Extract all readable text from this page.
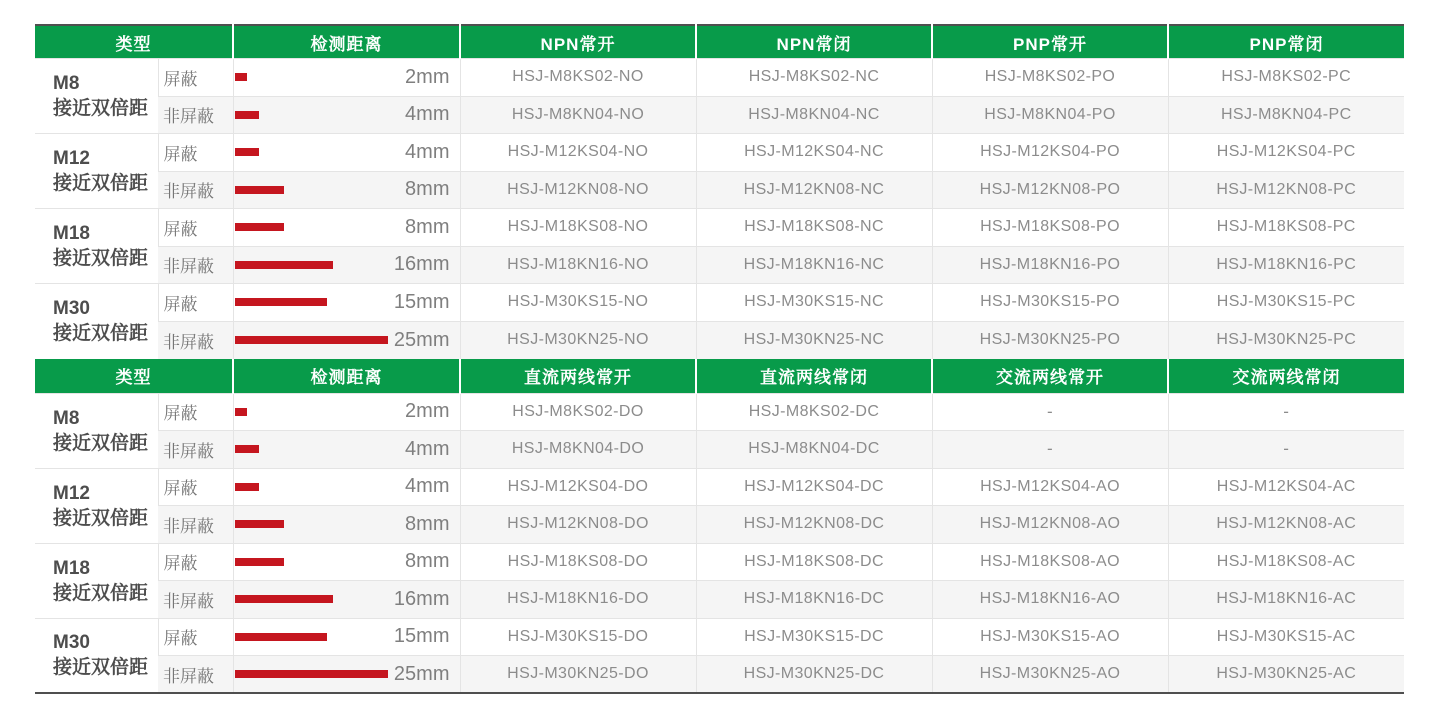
类型		检测距离	NPN常开	NPN常闭	PNP常开	PNP常闭

M8
接近双倍距	屏蔽	2mm	HSJ-M8KS02-NO	HSJ-M8KS02-NC	HSJ-M8KS02-PO	HSJ-M8KS02-PC
	非屏蔽	4mm	HSJ-M8KN04-NO	HSJ-M8KN04-NC	HSJ-M8KN04-PO	HSJ-M8KN04-PC

M12
接近双倍距	屏蔽	4mm	HSJ-M12KS04-NO	HSJ-M12KS04-NC	HSJ-M12KS04-PO	HSJ-M12KS04-PC
	非屏蔽	8mm	HSJ-M12KN08-NO	HSJ-M12KN08-NC	HSJ-M12KN08-PO	HSJ-M12KN08-PC

M18
接近双倍距	屏蔽	8mm	HSJ-M18KS08-NO	HSJ-M18KS08-NC	HSJ-M18KS08-PO	HSJ-M18KS08-PC
	非屏蔽	16mm	HSJ-M18KN16-NO	HSJ-M18KN16-NC	HSJ-M18KN16-PO	HSJ-M18KN16-PC

M30
接近双倍距	屏蔽	15mm	HSJ-M30KS15-NO	HSJ-M30KS15-NC	HSJ-M30KS15-PO	HSJ-M30KS15-PC
	非屏蔽	25mm	HSJ-M30KN25-NO	HSJ-M30KN25-NC	HSJ-M30KN25-PO	HSJ-M30KN25-PC
类型		检测距离	直流两线常开	直流两线常闭	交流两线常开	交流两线常闭

M8
接近双倍距	屏蔽	2mm	HSJ-M8KS02-DO	HSJ-M8KS02-DC	-	-
	非屏蔽	4mm	HSJ-M8KN04-DO	HSJ-M8KN04-DC	-	-

M12
接近双倍距	屏蔽	4mm	HSJ-M12KS04-DO	HSJ-M12KS04-DC	HSJ-M12KS04-AO	HSJ-M12KS04-AC
	非屏蔽	8mm	HSJ-M12KN08-DO	HSJ-M12KN08-DC	HSJ-M12KN08-AO	HSJ-M12KN08-AC

M18
接近双倍距	屏蔽	8mm	HSJ-M18KS08-DO	HSJ-M18KS08-DC	HSJ-M18KS08-AO	HSJ-M18KS08-AC
	非屏蔽	16mm	HSJ-M18KN16-DO	HSJ-M18KN16-DC	HSJ-M18KN16-AO	HSJ-M18KN16-AC

M30
接近双倍距	屏蔽	15mm	HSJ-M30KS15-DO	HSJ-M30KS15-DC	HSJ-M30KS15-AO	HSJ-M30KS15-AC
	非屏蔽	25mm	HSJ-M30KN25-DO	HSJ-M30KN25-DC	HSJ-M30KN25-AO	HSJ-M30KN25-AC
